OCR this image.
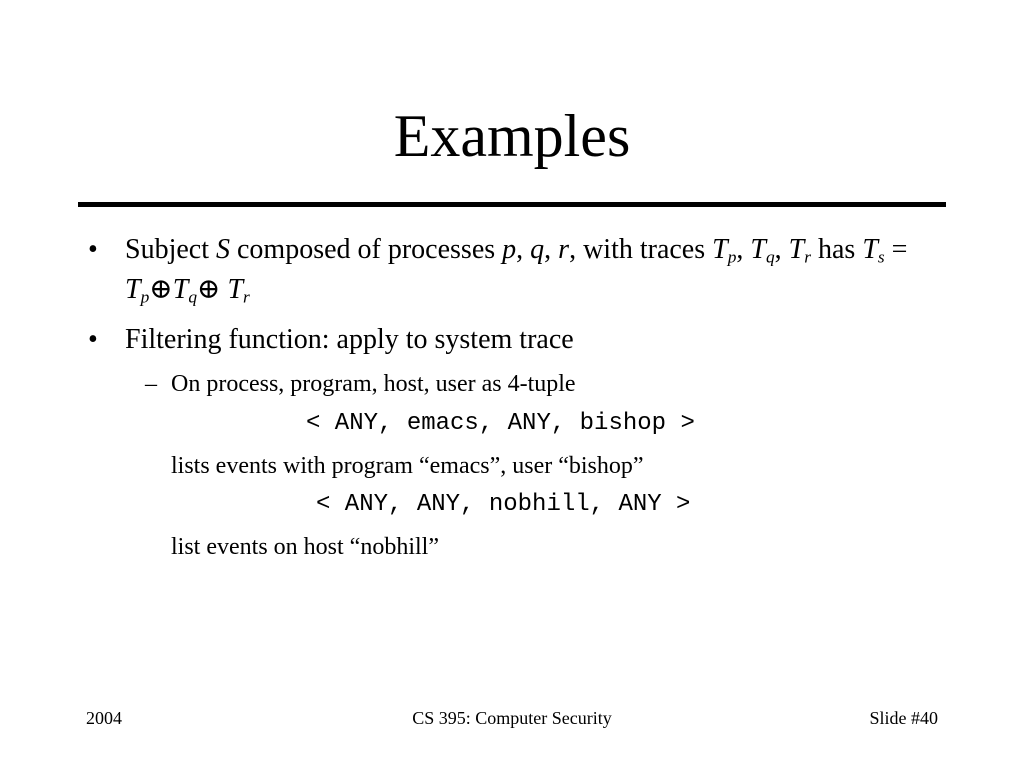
Examples
• Subject S composed of processes p, q, r, with traces $T_p$, $T_q$, $T_r$ has $T_s$ = $T_p\oplus T_q\oplus$ $T_r$
• Filtering function: apply to system trace
– On process, program, host, user as 4-tuple
< ANY, emacs, ANY, bishop >
lists events with program “emacs”, user “bishop”
< ANY, ANY, nobhill, ANY >
list events on host “nobhill”
2004	CS 395: Computer Security	Slide #40
